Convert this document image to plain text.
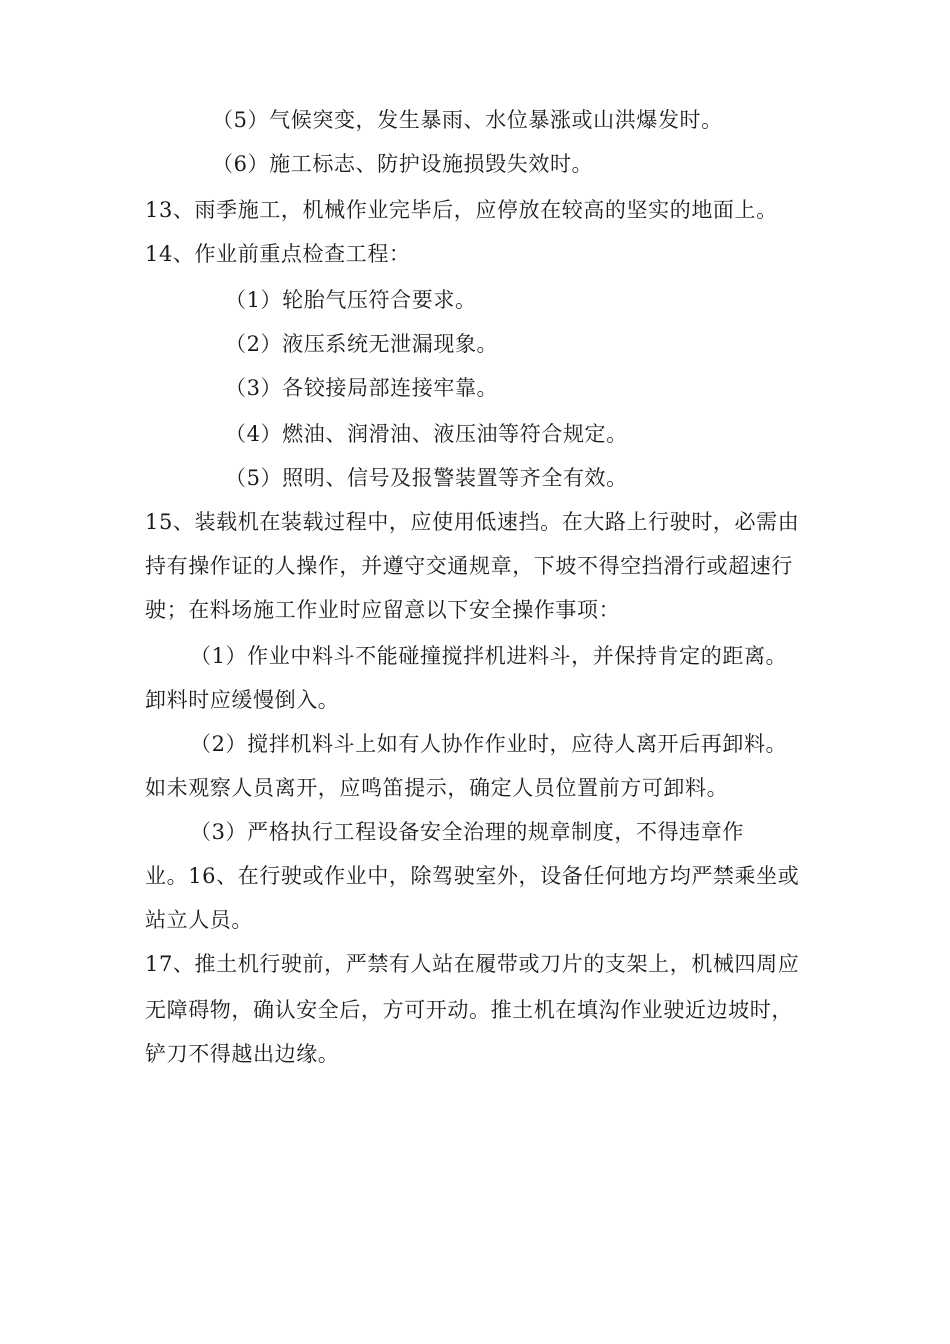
（5）气候突变，发生暴雨、水位暴涨或山洪爆发时。
（6）施工标志、防护设施损毁失效时。
13、雨季施工，机械作业完毕后，应停放在较高的坚实的地面上。
14、作业前重点检查工程：
（1）轮胎气压符合要求。
（2）液压系统无泄漏现象。
（3）各铰接局部连接牢靠。
（4）燃油、润滑油、液压油等符合规定。
（5）照明、信号及报警装置等齐全有效。
15、装载机在装载过程中，应使用低速挡。在大路上行驶时，必需由
持有操作证的人操作，并遵守交通规章，下坡不得空挡滑行或超速行
驶；在料场施工作业时应留意以下安全操作事项：
（1）作业中料斗不能碰撞搅拌机进料斗，并保持肯定的距离。
卸料时应缓慢倒入。
（2）搅拌机料斗上如有人协作作业时，应待人离开后再卸料。
如未观察人员离开，应鸣笛提示，确定人员位置前方可卸料。
（3）严格执行工程设备安全治理的规章制度，不得违章作
业。16、在行驶或作业中，除驾驶室外，设备任何地方均严禁乘坐或
站立人员。
17、推土机行驶前，严禁有人站在履带或刀片的支架上，机械四周应
无障碍物，确认安全后，方可开动。推土机在填沟作业驶近边坡时，
铲刀不得越出边缘。
